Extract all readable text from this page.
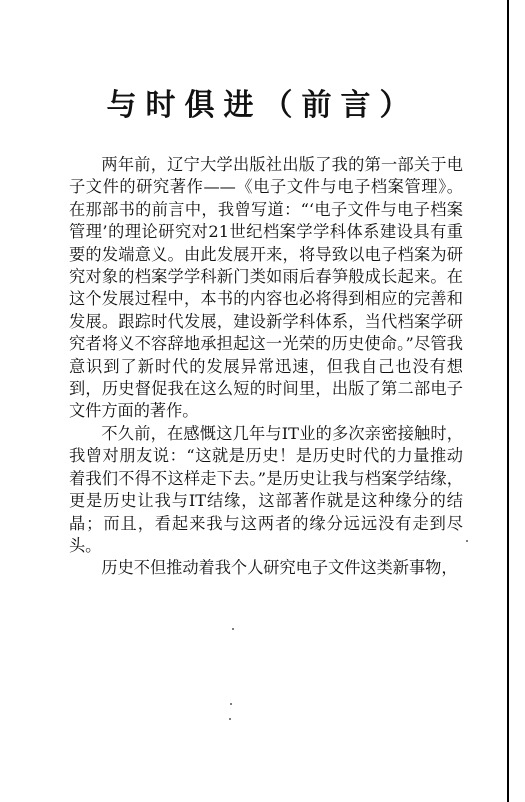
与时俱进（前言）

两年前，辽宁大学出版社出版了我的第一部关于电子文件的研究著作——《电子文件与电子档案管理》。在那部书的前言中，我曾写道：“‘电子文件与电子档案管理’的理论研究对21世纪档案学学科体系建设具有重要的发端意义。由此发展开来，将导致以电子档案为研究对象的档案学学科新门类如雨后春笋般成长起来。在这个发展过程中，本书的内容也必将得到相应的完善和发展。跟踪时代发展，建设新学科体系，当代档案学研究者将义不容辞地承担起这一光荣的历史使命。”尽管我意识到了新时代的发展异常迅速，但我自己也没有想到，历史督促我在这么短的时间里，出版了第二部电子文件方面的著作。

不久前，在感慨这几年与IT业的多次亲密接触时，我曾对朋友说：“这就是历史！是历史时代的力量推动着我们不得不这样走下去。”是历史让我与档案学结缘，更是历史让我与IT结缘，这部著作就是这种缘分的结晶；而且，看起来我与这两者的缘分远远没有走到尽头。

历史不但推动着我个人研究电子文件这类新事物，
